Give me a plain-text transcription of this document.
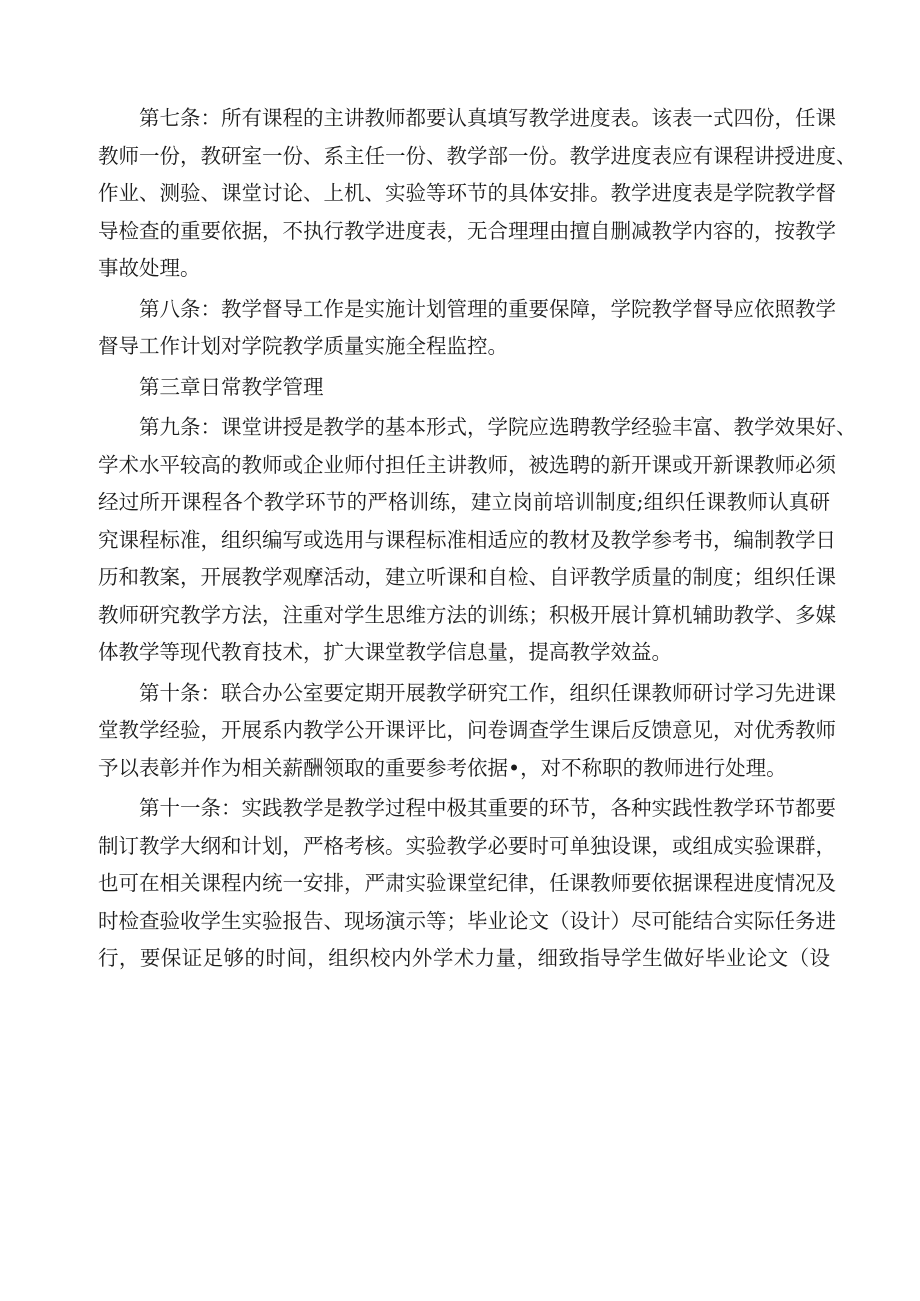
第七条：所有课程的主讲教师都要认真填写教学进度表。该表一式四份，任课
教师一份，教研室一份、系主任一份、教学部一份。教学进度表应有课程讲授进度、
作业、测验、课堂讨论、上机、实验等环节的具体安排。教学进度表是学院教学督
导检查的重要依据，不执行教学进度表，无合理理由擅自删减教学内容的，按教学
事故处理。
第八条：教学督导工作是实施计划管理的重要保障，学院教学督导应依照教学
督导工作计划对学院教学质量实施全程监控。
第三章日常教学管理
第九条：课堂讲授是教学的基本形式，学院应选聘教学经验丰富、教学效果好、
学术水平较高的教师或企业师付担任主讲教师，被选聘的新开课或开新课教师必须
经过所开课程各个教学环节的严格训练，建立岗前培训制度;组织任课教师认真研
究课程标准，组织编写或选用与课程标准相适应的教材及教学参考书，编制教学日
历和教案，开展教学观摩活动，建立听课和自检、自评教学质量的制度；组织任课
教师研究教学方法，注重对学生思维方法的训练；积极开展计算机辅助教学、多媒
体教学等现代教育技术，扩大课堂教学信息量，提高教学效益。
第十条：联合办公室要定期开展教学研究工作，组织任课教师研讨学习先进课
堂教学经验，开展系内教学公开课评比，问卷调查学生课后反馈意见，对优秀教师
予以表彰并作为相关薪酬领取的重要参考依据•，对不称职的教师进行处理。
第十一条：实践教学是教学过程中极其重要的环节，各种实践性教学环节都要
制订教学大纲和计划，严格考核。实验教学必要时可单独设课，或组成实验课群，
也可在相关课程内统一安排，严肃实验课堂纪律，任课教师要依据课程进度情况及
时检查验收学生实验报告、现场演示等；毕业论文（设计）尽可能结合实际任务进
行，要保证足够的时间，组织校内外学术力量，细致指导学生做好毕业论文（设
